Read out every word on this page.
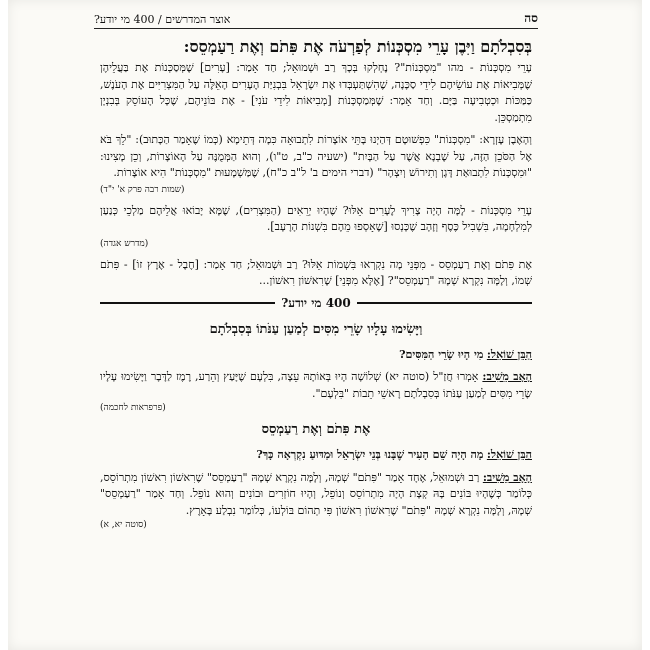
סה
אוצר המדרשים / 400 מי יודע?
בְּסִבְלֹתָם וַיִּבֶן עָרֵי מִסְכְּנוֹת לְפַרְעֹה אֶת פִּתֹם וְאֶת רַעַמְסֵס:

עָרֵי מִסְכְּנוֹת - מהו "מִסְכְּנוֹת"? נֶחְלְקוּ בְּכָךְ רַב וּשְׁמוּאֵל; חַד אָמַר: [עָרִים] שֶׁמְּסַכְּנוֹת אֶת בַּעֲלֵיהֶן שֶׁמְּבִיאוֹת אֶת עוֹשֵׂיהֶם לִידֵי סַכָּנָה, שֶׁהִשְׁתַּעְבְּדוּ אֶת יִשְׂרָאֵל בִּבְנִיַּת הֶעָרִים הָאֵלֶּה עַל הַמִּצְרִיִּים אֶת הָעֹנֶשׁ, כַּמַּכּוֹת וּכְטְבִיעָה בַּיָּם. וְחַד אָמַר: שֶׁמְּמַסְכְּנוֹת [מְבִיאוֹת לִידֵי עֹנִי] - אֶת בּוֹנֵיהֶם, שֶׁכָּל הָעוֹסֵק בְּבִנְיָן מִתְמַסְכֵּן.

וְהָאֶבֶן עֶזְרָא: "מִסְכְּנוֹת" כִּפְשׁוּטָם דְּהַיְנוּ בָּתֵּי אוֹצָרוֹת לִתְבוּאָה כִּמָה דְּתֵימָא (כְּמוֹ שֶׁאָמַר הַכָּתוּב): "לֵךְ בֹּא אֶל הַסֹּכֵן הַזֶּה, עַל שֶׁבְנָא אֲשֶׁר עַל הַבָּיִת" (ישעיה כ"ב, ט"ו), וְהוּא הַמְּמֻנֶּה עַל הָאוֹצָרוֹת, וְכֵן מָצִינוּ: "וּמִסְכְּנוֹת לִתְבוּאַת דָּגָן וְתִירוֹשׁ וְיִצְהָר" (דברי הימים ב' ל"ב כ"ח), שֶׁמַּשְׁמָעוּת "מִסְכְּנוֹת" הִיא אוֹצָרוֹת.

(שמות רבה פרק א' י"ד)

עָרֵי מִסְכְּנוֹת - לָמָּה הָיָה צָרִיךְ לֶעָרִים אֵלּוּ? שֶׁהָיוּ יְרֵאִים (הַמִּצְרִים), שֶׁמָּא יָבוֹאוּ אֲלֵיהֶם מַלְכֵי כְּנַעַן לְמִלְחָמָה, בִּשְׁבִיל כֶּסֶף וְזָהָב שֶׁכָּנְסוּ [שֶׁאָסְפוּ מֵהֶם בִּשְׁנוֹת הָרָעָב].

(מדרש אגדה)

אֶת פִּתֹם וְאֶת רַעַמְסֵס - מִפְּנֵי מָה נִקְרְאוּ בִּשְׁמוֹת אֵלּוּ? רַב וּשְׁמוּאֵל; חַד אָמַר: [חֶבֶל - אֶרֶץ זוֹ] - פִּתֹם שְׁמוֹ, וְלָמָּה נִקְרָא שְׁמָהּ "רַעַמְסֵס"? [אֶלָּא מִפְּנֵי] שֶׁרִאשׁוֹן רִאשׁוֹן...

400 מי יודע?
וַיָּשִׂימוּ עָלָיו שָׂרֵי מִסִּים לְמַעַן עַנֹּתוֹ בְּסִבְלֹתָם
הַבֵּן שׁוֹאֵל: מִי הָיוּ שָׂרֵי הַמִּסִּים?
הָאָב מֵשִׁיב: אָמְרוּ חֲזַ"ל (סוטה יא) שְׁלוֹשָׁה הָיוּ בְּאוֹתָהּ עֵצָה, בִּלְעָם שֶׁיָּעַץ וְהֵרַע, רֶמֶז לַדָּבָר וַיָּשִׂימוּ עָלָיו שָׂרֵי מִסִּים לְמַעַן עַנֹּתוֹ בְּסִבְלֹתָם רָאשֵׁי תֵבוֹת "בִּלְעָם".
(פרפראות לחכמה)
אֶת פִּתֹם וְאֶת רַעַמְסֵס
הַבֵּן שׁוֹאֵל: מָה הָיָה שֵׁם הָעִיר שֶׁבָּנוּ בְּנֵי יִשְׂרָאֵל וּמַדּוּעַ נִקְרְאָה כָּךְ?
הָאָב מֵשִׁיב: רַב וּשְׁמוּאֵל, אֶחָד אָמַר "פִּתֹם" שְׁמָהּ, וְלָמָּה נִקְרָא שְׁמָהּ "רַעַמְסֵס" שֶׁרִאשׁוֹן רִאשׁוֹן מִתְרוֹסֵס, כְּלוֹמַר כְּשֶׁהָיוּ בּוֹנִים בָּהּ קְצָת הָיָה מִתְרוֹסֵס וְנוֹפֵל, וְהָיוּ חוֹזְרִים וּבוֹנִים וְהוּא נוֹפֵל. וְחַד אָמַר "רַעַמְסֵס" שְׁמָהּ, וְלָמָּה נִקְרָא שְׁמָהּ "פִּתֹם" שֶׁרִאשׁוֹן רִאשׁוֹן פִּי תְהוֹם בּוֹלְעוֹ, כְּלוֹמַר נִבְלַע בָּאָרֶץ.
(סוטה יא, א)
